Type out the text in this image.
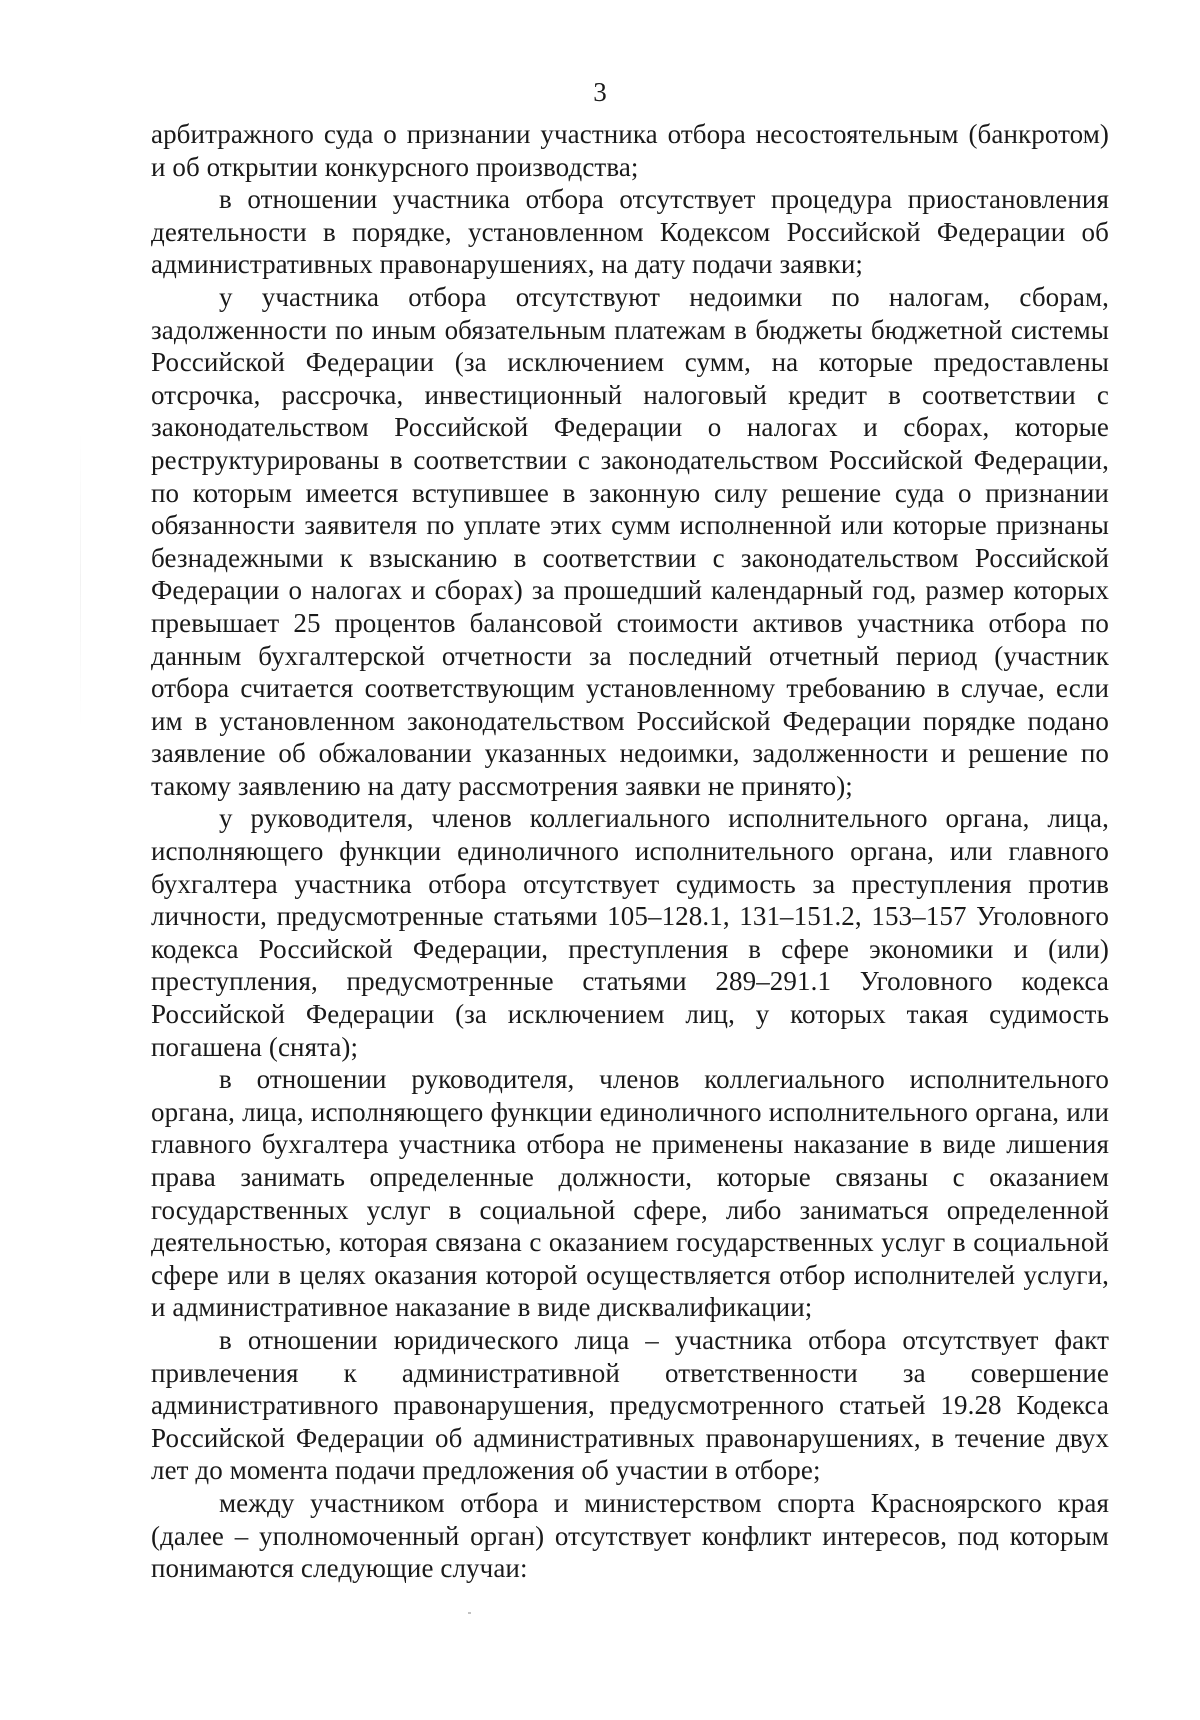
3

арбитражного суда о признании участника отбора несостоятельным (банкротом) и об открытии конкурсного производства;

в отношении участника отбора отсутствует процедура приостановления деятельности в порядке, установленном Кодексом Российской Федерации об административных правонарушениях, на дату подачи заявки;

у участника отбора отсутствуют недоимки по налогам, сборам, задолженности по иным обязательным платежам в бюджеты бюджетной системы Российской Федерации (за исключением сумм, на которые предоставлены отсрочка, рассрочка, инвестиционный налоговый кредит в соответствии с законодательством Российской Федерации о налогах и сборах, которые реструктурированы в соответствии с законодательством Российской Федерации, по которым имеется вступившее в законную силу решение суда о признании обязанности заявителя по уплате этих сумм исполненной или которые признаны безнадежными к взысканию в соответствии с законодательством Российской Федерации о налогах и сборах) за прошедший календарный год, размер которых превышает 25 процентов балансовой стоимости активов участника отбора по данным бухгалтерской отчетности за последний отчетный период (участник отбора считается соответствующим установленному требованию в случае, если им в установленном законодательством Российской Федерации порядке подано заявление об обжаловании указанных недоимки, задолженности и решение по такому заявлению на дату рассмотрения заявки не принято);

у руководителя, членов коллегиального исполнительного органа, лица, исполняющего функции единоличного исполнительного органа, или главного бухгалтера участника отбора отсутствует судимость за преступления против личности, предусмотренные статьями 105–128.1, 131–151.2, 153–157 Уголовного кодекса Российской Федерации, преступления в сфере экономики и (или) преступления, предусмотренные статьями 289–291.1 Уголовного кодекса Российской Федерации (за исключением лиц, у которых такая судимость погашена (снята);

в отношении руководителя, членов коллегиального исполнительного органа, лица, исполняющего функции единоличного исполнительного органа, или главного бухгалтера участника отбора не применены наказание в виде лишения права занимать определенные должности, которые связаны с оказанием государственных услуг в социальной сфере, либо заниматься определенной деятельностью, которая связана с оказанием государственных услуг в социальной сфере или в целях оказания которой осуществляется отбор исполнителей услуги, и административное наказание в виде дисквалификации;

в отношении юридического лица – участника отбора отсутствует факт привлечения к административной ответственности за совершение административного правонарушения, предусмотренного статьей 19.28 Кодекса Российской Федерации об административных правонарушениях, в течение двух лет до момента подачи предложения об участии в отборе;

между участником отбора и министерством спорта Красноярского края (далее – уполномоченный орган) отсутствует конфликт интересов, под которым понимаются следующие случаи:
